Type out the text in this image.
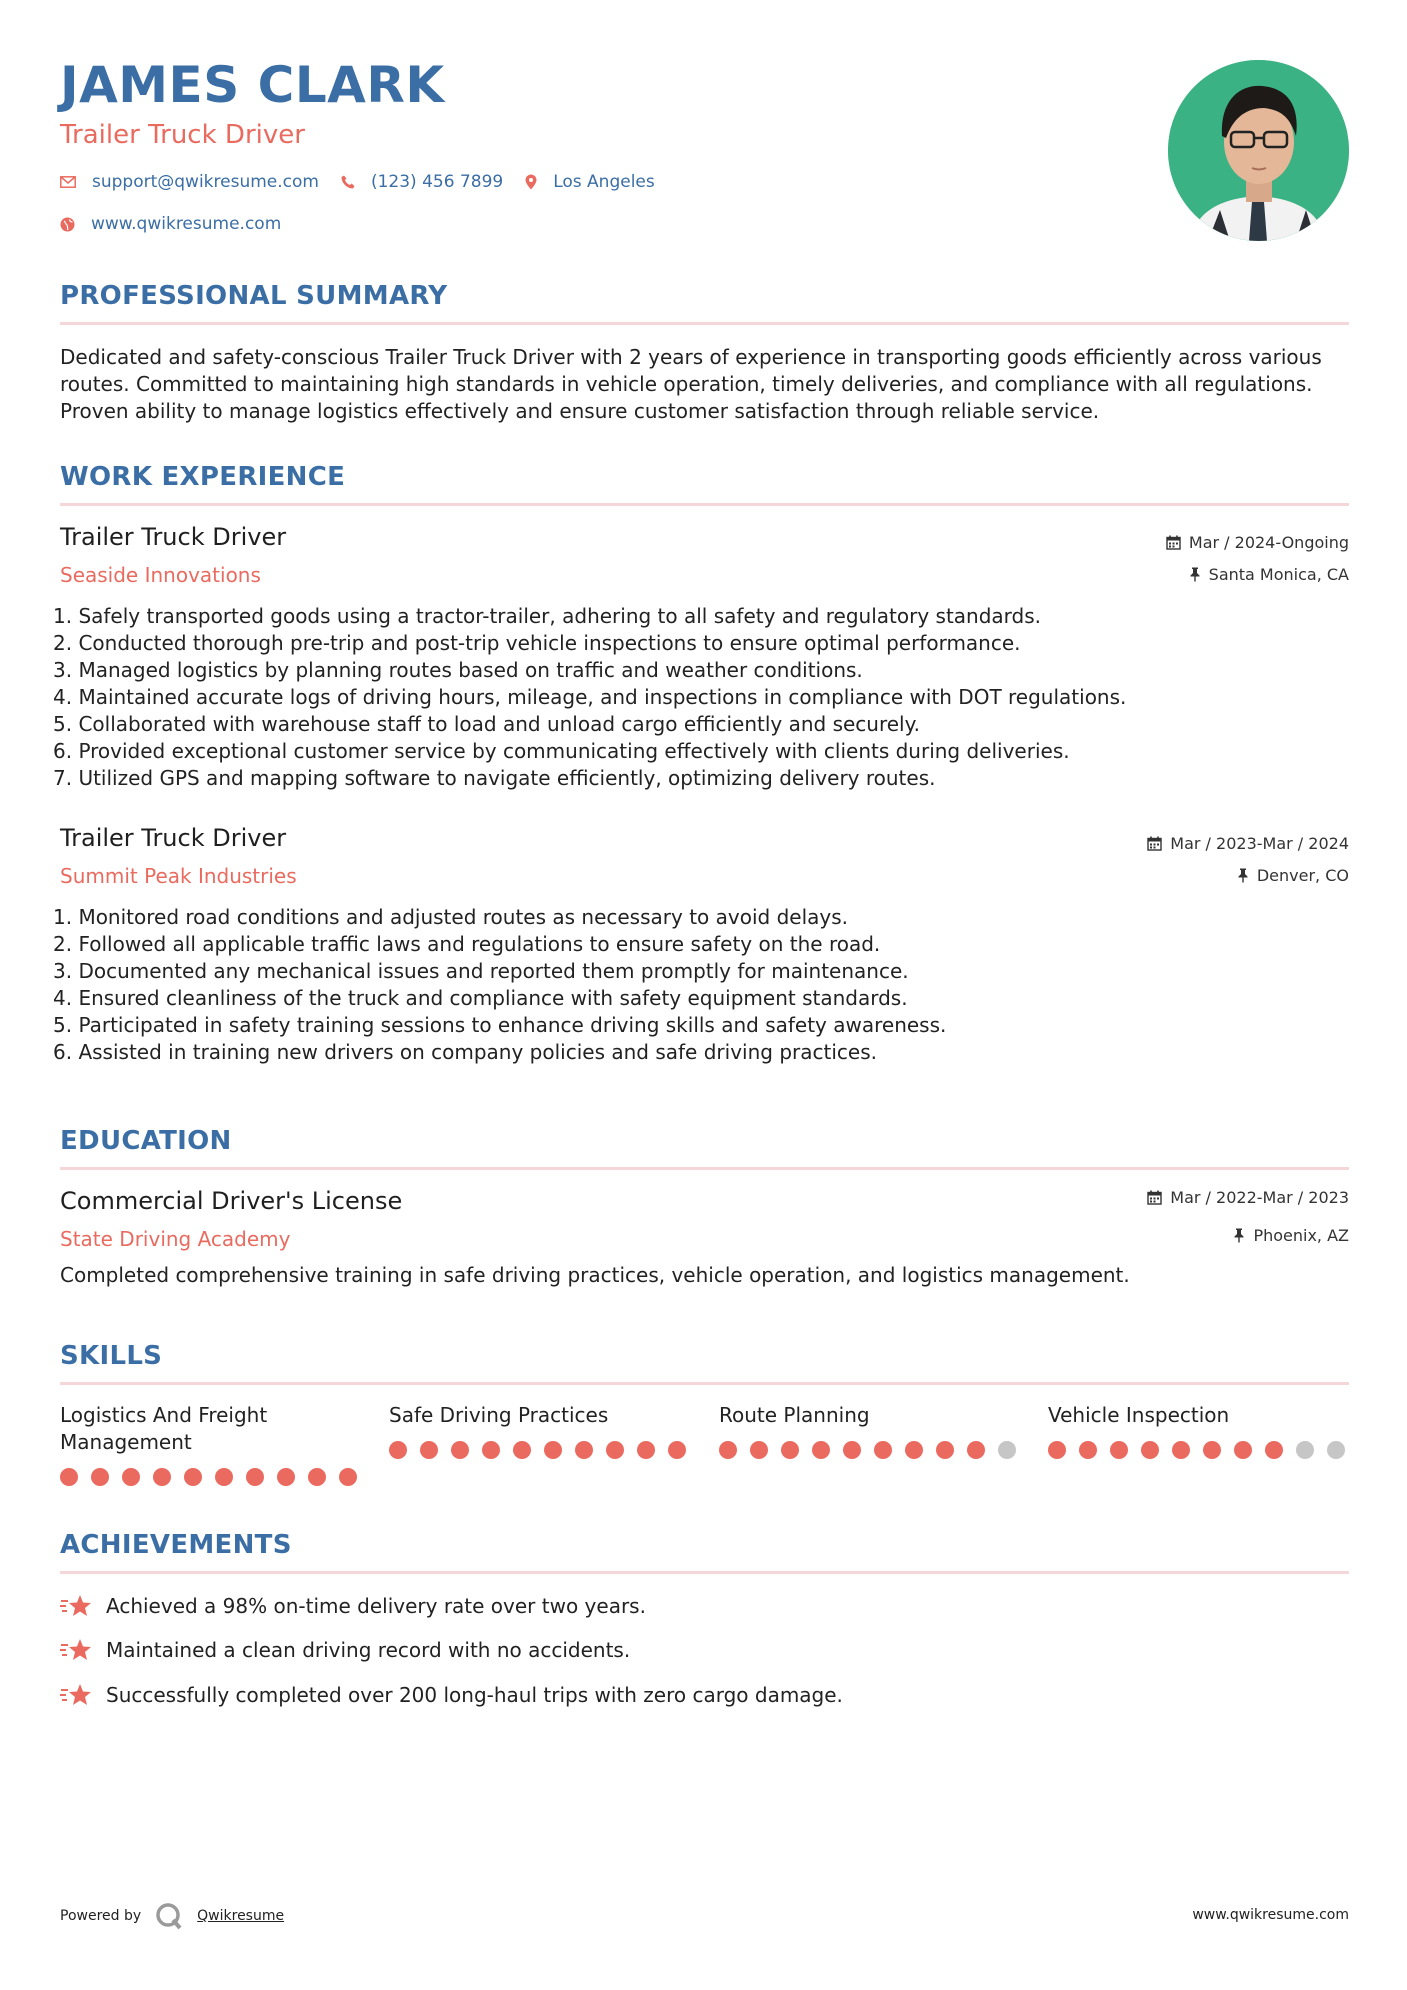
JAMES CLARK
Trailer Truck Driver
support@qwikresume.com	(123) 456 7899	Los Angeles
www.qwikresume.com
PROFESSIONAL SUMMARY

Dedicated and safety-conscious Trailer Truck Driver with 2 years of experience in transporting goods efficiently across various routes. Committed to maintaining high standards in vehicle operation, timely deliveries, and compliance with all regulations. Proven ability to manage logistics effectively and ensure customer satisfaction through reliable service.

WORK EXPERIENCE
Trailer Truck Driver
Seaside Innovations
Mar / 2024-Ongoing
Santa Monica, CA
1. Safely transported goods using a tractor-trailer, adhering to all safety and regulatory standards.
2. Conducted thorough pre-trip and post-trip vehicle inspections to ensure optimal performance.
3. Managed logistics by planning routes based on traffic and weather conditions.
4. Maintained accurate logs of driving hours, mileage, and inspections in compliance with DOT regulations.
5. Collaborated with warehouse staff to load and unload cargo efficiently and securely.
6. Provided exceptional customer service by communicating effectively with clients during deliveries.
7. Utilized GPS and mapping software to navigate efficiently, optimizing delivery routes.
Trailer Truck Driver
Summit Peak Industries
Mar / 2023-Mar / 2024
Denver, CO
1. Monitored road conditions and adjusted routes as necessary to avoid delays.
2. Followed all applicable traffic laws and regulations to ensure safety on the road.
3. Documented any mechanical issues and reported them promptly for maintenance.
4. Ensured cleanliness of the truck and compliance with safety equipment standards.
5. Participated in safety training sessions to enhance driving skills and safety awareness.
6. Assisted in training new drivers on company policies and safe driving practices.
EDUCATION
Commercial Driver's License
State Driving Academy
Mar / 2022-Mar / 2023
Phoenix, AZ

Completed comprehensive training in safe driving practices, vehicle operation, and logistics management.

SKILLS
Logistics And Freight Management
Safe Driving Practices	Route Planning	Vehicle Inspection
ACHIEVEMENTS
Achieved a 98% on-time delivery rate over two years.
Maintained a clean driving record with no accidents.
Successfully completed over 200 long-haul trips with zero cargo damage.
Powered by	Qwikresume	www.qwikresume.com
